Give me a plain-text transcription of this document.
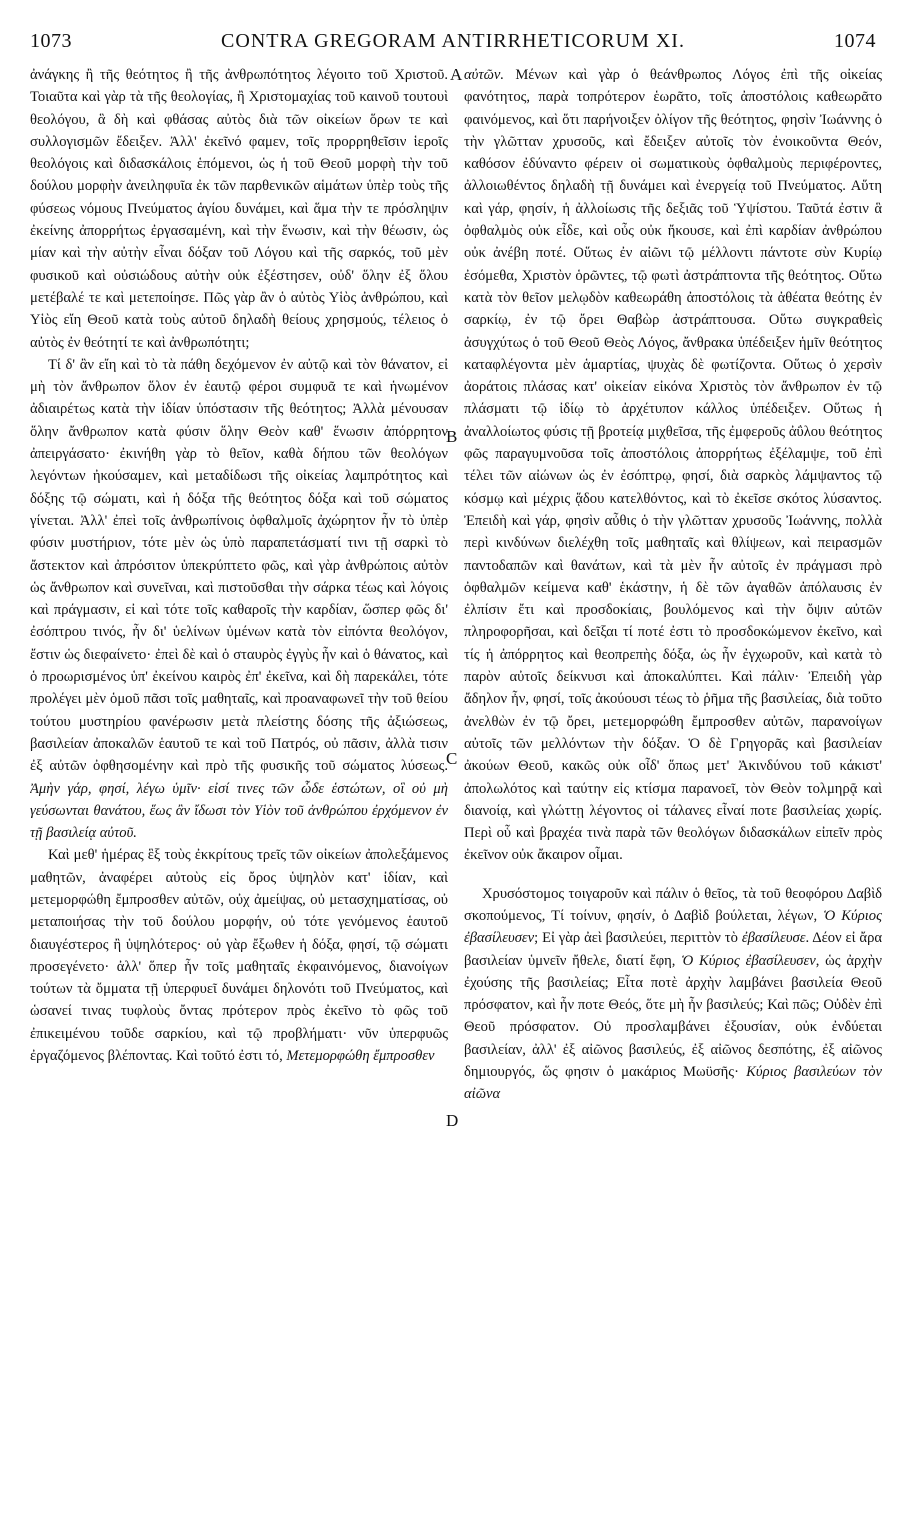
1073	CONTRA GREGORAM ANTIRRHETICORUM XI.	1074

ἀνάγκης ἢ τῆς θεότητος ἢ τῆς ἀνθρωπότητος λέγοιτο τοῦ Χριστοῦ. Τοιαῦτα καὶ γὰρ τὰ τῆς θεολογίας, ἢ Χριστομαχίας τοῦ καινοῦ τουτουὶ θεολόγου, ἃ δὴ καὶ φθάσας αὐτὸς διὰ τῶν οἰκείων ὅρων τε καὶ συλλογισμῶν ἔδειξεν. Ἀλλ' ἐκεῖνό φαμεν, τοῖς προρρηθεῖσιν ἱεροῖς θεολόγοις καὶ διδασκάλοις ἑπόμενοι, ὡς ἡ τοῦ Θεοῦ μορφὴ τὴν τοῦ δούλου μορφὴν ἀνειληφυῖα ἐκ τῶν παρθενικῶν αἱμάτων ὑπὲρ τοὺς τῆς φύσεως νόμους Πνεύματος ἁγίου δυνάμει, καὶ ἅμα τὴν τε πρόσληψιν ἐκείνης ἀπορρήτως ἐργασαμένη, καὶ τὴν ἕνωσιν, καὶ τὴν θέωσιν, ὡς μίαν καὶ τὴν αὐτὴν εἶναι δόξαν τοῦ Λόγου καὶ τῆς σαρκός, τοῦ μὲν φυσικοῦ καὶ οὐσιώδους αὐτὴν οὐκ ἐξέστησεν, οὐδ' ὅλην ἐξ ὅλου μετέβαλέ τε καὶ μετεποίησε. Πῶς γὰρ ἂν ὁ αὐτὸς Υἱὸς ἀνθρώπου, καὶ Υἱὸς εἴη Θεοῦ κατὰ τοὺς αὐτοῦ δηλαδὴ θείους χρησμούς, τέλειος ὁ αὐτὸς ἐν θεότητί τε καὶ ἀνθρωπότητι;

Τί δ' ἂν εἴη καὶ τὸ τὰ πάθη δεχόμενον ἐν αὐτῷ καὶ τὸν θάνατον, εἰ μὴ τὸν ἄνθρωπον ὅλον ἐν ἑαυτῷ φέροι συμφυᾶ τε καὶ ἡνωμένον ἀδιαιρέτως κατὰ τὴν ἰδίαν ὑπόστασιν τῆς θεότητος; Ἀλλὰ μένουσαν ὅλην ἄνθρωπον κατὰ φύσιν ὅλην Θεὸν καθ' ἕνωσιν ἀπόρρητον ἀπειργάσατο· ἐκινήθη γὰρ τὸ θεῖον, καθὰ δήπου τῶν θεολόγων λεγόντων ἠκούσαμεν, καὶ μεταδίδωσι τῆς οἰκείας λαμπρότητος καὶ δόξης τῷ σώματι, καὶ ἡ δόξα τῆς θεότητος δόξα καὶ τοῦ σώματος γίνεται. Ἀλλ' ἐπεὶ τοῖς ἀνθρωπίνοις ὀφθαλμοῖς ἀχώρητον ἦν τὸ ὑπὲρ φύσιν μυστήριον, τότε μὲν ὡς ὑπὸ παραπετάσματί τινι τῇ σαρκὶ τὸ ἄστεκτον καὶ ἀπρόσιτον ὑπεκρύπτετο φῶς, καὶ γὰρ ἀνθρώποις αὐτὸν ὡς ἄνθρωπον καὶ συνεῖναι, καὶ πιστοῦσθαι τὴν σάρκα τέως καὶ λόγοις καὶ πράγμασιν, εἰ καὶ τότε τοῖς καθαροῖς τὴν καρδίαν, ὥσπερ φῶς δι' ἐσόπτρου τινός, ἦν δι' ὑελίνων ὑμένων κατὰ τὸν εἰπόντα θεολόγον, ἔστιν ὡς διεφαίνετο· ἐπεὶ δὲ καὶ ὁ σταυρὸς ἐγγὺς ἦν καὶ ὁ θάνατος, καὶ ὁ προωρισμένος ὑπ' ἐκείνου καιρὸς ἐπ' ἐκεῖνα, καὶ δὴ παρεκάλει, τότε προλέγει μὲν ὁμοῦ πᾶσι τοῖς μαθηταῖς, καὶ προαναφωνεῖ τὴν τοῦ θείου τούτου μυστηρίου φανέρωσιν μετὰ πλείστης δόσης τῆς ἀξιώσεως, βασιλείαν ἀποκαλῶν ἑαυτοῦ τε καὶ τοῦ Πατρός, οὐ πᾶσιν, ἀλλὰ τισιν ἐξ αὐτῶν ὀφθησομένην καὶ πρὸ τῆς φυσικῆς τοῦ σώματος λύσεως. Ἀμὴν γάρ, φησί, λέγω ὑμῖν· εἰσί τινες τῶν ὧδε ἑστώτων, οἳ οὐ μὴ γεύσωνται θανάτου, ἕως ἂν ἴδωσι τὸν Υἱὸν τοῦ ἀνθρώπου ἐρχόμενον ἐν τῇ βασιλείᾳ αὐτοῦ.

Καὶ μεθ' ἡμέρας ἓξ τοὺς ἐκκρίτους τρεῖς τῶν οἰκείων ἀπολεξάμενος μαθητῶν, ἀναφέρει αὐτοὺς εἰς ὄρος ὑψηλὸν κατ' ἰδίαν, καὶ μετεμορφώθη ἔμπροσθεν αὐτῶν, οὐχ ἀμείψας, οὐ μετασχηματίσας, οὐ μεταποιήσας τὴν τοῦ δούλου μορφήν, οὐ τότε γενόμενος ἑαυτοῦ διαυγέστερος ἢ ὑψηλότερος· οὐ γὰρ ἔξωθεν ἡ δόξα, φησί, τῷ σώματι προσεγένετο· ἀλλ' ὅπερ ἦν τοῖς μαθηταῖς ἐκφαινόμενος, διανοίγων τούτων τὰ ὄμματα τῇ ὑπερφυεῖ δυνάμει δηλονότι τοῦ Πνεύματος, καὶ ὡσανεί τινας τυφλοὺς ὄντας πρότερον πρὸς ἐκεῖνο τὸ φῶς τοῦ ἐπικειμένου τοῦδε σαρκίου, καὶ τῷ προβλήματι· νῦν ὑπερφυῶς ἐργαζόμενος βλέποντας. Καὶ τοῦτό ἐστι τό, Μετεμορφώθη ἔμπροσθεν

A
B
C
D

αὐτῶν. Μένων καὶ γὰρ ὁ θεάνθρωπος Λόγος ἐπὶ τῆς οἰκείας φανότητος, παρὰ τοπρότερον ἑωρᾶτο, τοῖς ἀποστόλοις καθεωρᾶτο φαινόμενος, καὶ ὅτι παρήνοιξεν ὀλίγον τῆς θεότητος, φησὶν Ἰωάννης ὁ τὴν γλῶτταν χρυσοῦς, καὶ ἔδειξεν αὐτοῖς τὸν ἐνοικοῦντα Θεόν, καθόσον ἐδύναντο φέρειν οἱ σωματικοὺς ὀφθαλμοὺς περιφέροντες, ἀλλοιωθέντος δηλαδὴ τῇ δυνάμει καὶ ἐνεργείᾳ τοῦ Πνεύματος. Αὕτη καὶ γάρ, φησίν, ἡ ἀλλοίωσις τῆς δεξιᾶς τοῦ Ὑψίστου. Ταῦτά ἐστιν ἃ ὀφθαλμὸς οὐκ εἶδε, καὶ οὖς οὐκ ἤκουσε, καὶ ἐπὶ καρδίαν ἀνθρώπου οὐκ ἀνέβη ποτέ. Οὕτως ἐν αἰῶνι τῷ μέλλοντι πάντοτε σὺν Κυρίῳ ἐσόμεθα, Χριστὸν ὁρῶντες, τῷ φωτὶ ἀστράπτοντα τῆς θεότητος. Οὕτω κατὰ τὸν θεῖον μελῳδὸν καθεωράθη ἀποστόλοις τὰ ἀθέατα θεότης ἐν σαρκίῳ, ἐν τῷ ὄρει Θαβὼρ ἀστράπτουσα. Οὕτω συγκραθεὶς ἀσυγχύτως ὁ τοῦ Θεοῦ Θεὸς Λόγος, ἄνθρακα ὑπέδειξεν ἡμῖν θεότητος καταφλέγοντα μὲν ἁμαρτίας, ψυχὰς δὲ φωτίζοντα. Οὕτως ὁ χερσὶν ἀοράτοις πλάσας κατ' οἰκείαν εἰκόνα Χριστὸς τὸν ἄνθρωπον ἐν τῷ πλάσματι τῷ ἰδίῳ τὸ ἀρχέτυπον κάλλος ὑπέδειξεν. Οὕτως ἡ ἀναλλοίωτος φύσις τῇ βροτείᾳ μιχθεῖσα, τῆς ἐμφεροῦς ἀΰλου θεότητος φῶς παραγυμνοῦσα τοῖς ἀποστόλοις ἀπορρήτως ἐξέλαμψε, τοῦ ἐπὶ τέλει τῶν αἰώνων ὡς ἐν ἐσόπτρῳ, φησί, διὰ σαρκὸς λάμψαντος τῷ κόσμῳ καὶ μέχρις ᾅδου κατελθόντος, καὶ τὸ ἐκεῖσε σκότος λύσαντος. Ἐπειδὴ καὶ γάρ, φησὶν αὖθις ὁ τὴν γλῶτταν χρυσοῦς Ἰωάννης, πολλὰ περὶ κινδύνων διελέχθη τοῖς μαθηταῖς καὶ θλίψεων, καὶ πειρασμῶν παντοδαπῶν καὶ θανάτων, καὶ τὰ μὲν ἦν αὐτοῖς ἐν πράγμασι πρὸ ὀφθαλμῶν κείμενα καθ' ἑκάστην, ἡ δὲ τῶν ἀγαθῶν ἀπόλαυσις ἐν ἐλπίσιν ἔτι καὶ προσδοκίαις, βουλόμενος καὶ τὴν ὄψιν αὐτῶν πληροφορῆσαι, καὶ δεῖξαι τί ποτέ ἐστι τὸ προσδοκώμενον ἐκεῖνο, καὶ τίς ἡ ἀπόρρητος καὶ θεοπρεπὴς δόξα, ὡς ἦν ἐγχωροῦν, καὶ κατὰ τὸ παρὸν αὐτοῖς δείκνυσι καὶ ἀποκαλύπτει. Καὶ πάλιν· Ἐπειδὴ γὰρ ἄδηλον ἦν, φησί, τοῖς ἀκούουσι τέως τὸ ῥῆμα τῆς βασιλείας, διὰ τοῦτο ἀνελθὼν ἐν τῷ ὄρει, μετεμορφώθη ἔμπροσθεν αὐτῶν, παρανοίγων αὐτοῖς τῶν μελλόντων τὴν δόξαν. Ὁ δὲ Γρηγορᾶς καὶ βασιλείαν ἀκούων Θεοῦ, κακῶς οὐκ οἶδ' ὅπως μετ' Ἀκινδύνου τοῦ κάκιστ' ἀπολωλότος καὶ ταύτην εἰς κτίσμα παρανοεῖ, τὸν Θεὸν τολμηρᾷ καὶ διανοίᾳ, καὶ γλώττῃ λέγοντος οἱ τάλανες εἶναί ποτε βασιλείας χωρίς. Περὶ οὗ καὶ βραχέα τινὰ παρὰ τῶν θεολόγων διδασκάλων εἰπεῖν πρὸς ἐκεῖνον οὐκ ἄκαιρον οἶμαι.

Χρυσόστομος τοιγαροῦν καὶ πάλιν ὁ θεῖος, τὰ τοῦ θεοφόρου Δαβὶδ σκοπούμενος, Τί τοίνυν, φησίν, ὁ Δαβὶδ βούλεται, λέγων, Ὁ Κύριος ἐβασίλευσεν; Εἰ γὰρ ἀεὶ βασιλεύει, περιττὸν τὸ ἐβασίλευσε. Δέον εἰ ἄρα βασιλείαν ὑμνεῖν ἤθελε, διατί ἔφη, Ὁ Κύριος ἐβασίλευσεν, ὡς ἀρχὴν ἐχούσης τῆς βασιλείας; Εἶτα ποτὲ ἀρχὴν λαμβάνει βασιλεία Θεοῦ πρόσφατον, καὶ ἦν ποτε Θεός, ὅτε μὴ ἦν βασιλεύς; Καὶ πῶς; Οὐδὲν ἐπὶ Θεοῦ πρόσφατον. Οὐ προσλαμβάνει ἐξουσίαν, οὐκ ἐνδύεται βασιλείαν, ἀλλ' ἐξ αἰῶνος βασιλεύς, ἐξ αἰῶνος δεσπότης, ἐξ αἰῶνος δημιουργός, ὥς φησιν ὁ μακάριος Μωϋσῆς· Κύριος βασιλεύων τὸν αἰῶνα
